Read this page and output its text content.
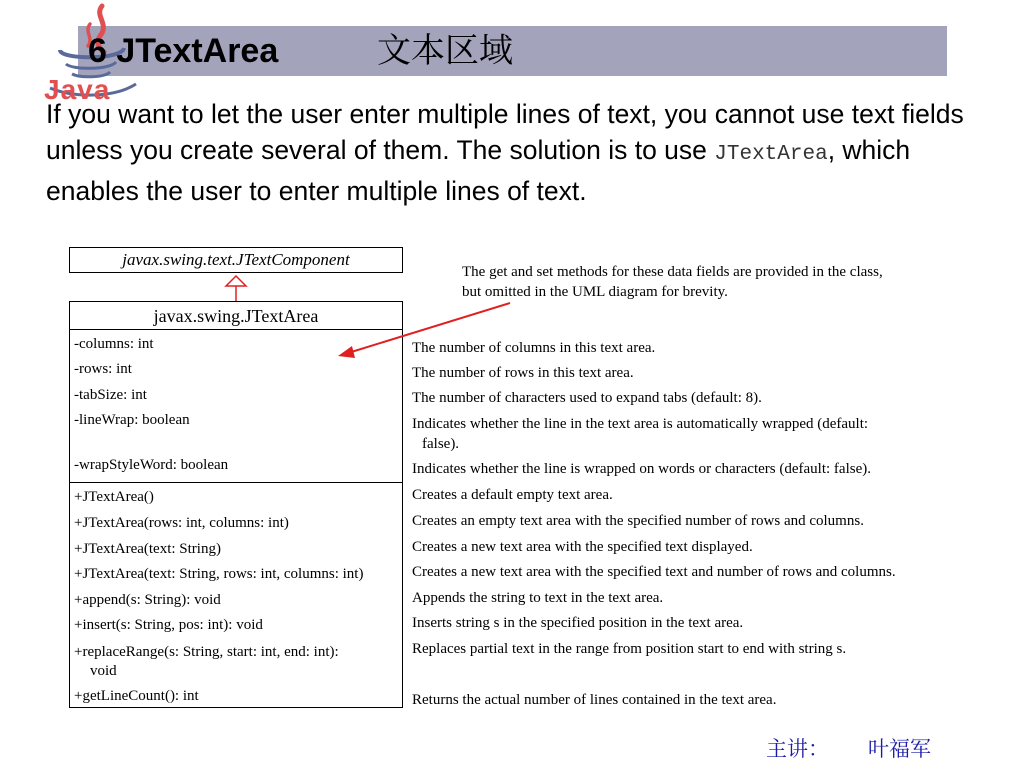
Java
6 JTextArea	文本区域
If you want to let the user enter multiple lines of text, you cannot use text fields unless you create several of them. The solution is to use JTextArea, which enables the user to enter multiple lines of text.
javax.swing.text.JTextComponent
javax.swing.JTextArea
-columns: int
-rows: int
-tabSize: int
-lineWrap: boolean
-wrapStyleWord: boolean
+JTextArea()
+JTextArea(rows: int, columns: int)
+JTextArea(text: String)
+JTextArea(text: String, rows: int, columns: int)
+append(s: String): void
+insert(s: String, pos: int): void
+replaceRange(s: String, start: int, end: int):
void
+getLineCount(): int
The get and set methods for these data fields are provided in the class, but omitted in the UML diagram for brevity.
The number of columns in this text area.
The number of rows in this text area.
The number of characters used to expand tabs (default: 8).
Indicates whether the line in the text area is automatically wrapped (default:
false).
Indicates whether the line is wrapped on words or characters (default: false).
Creates a default empty text area.
Creates an empty text area with the specified number of rows and columns.
Creates a new text area with the specified text displayed.
Creates a new text area with the specified text and number of rows and columns.
Appends the string to text in the text area.
Inserts string s in the specified position in the text area.
Replaces partial text in the range from position start to end with string s.
Returns the actual number of lines contained in the text area.
主讲： 叶福军
